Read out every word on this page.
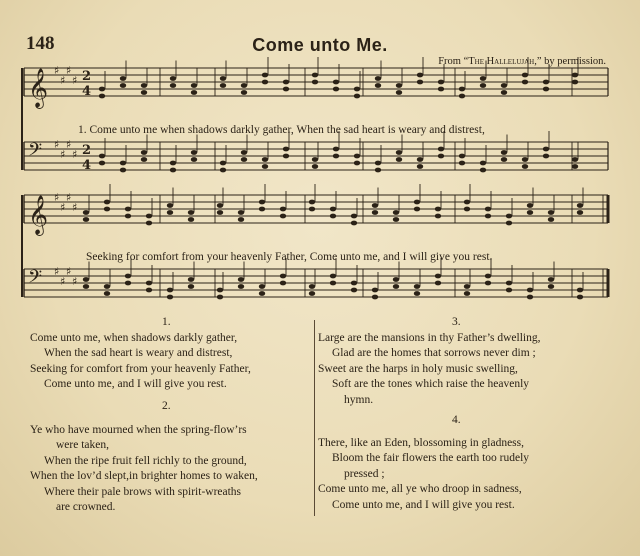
148	Come unto Me.
From “The Hallelujah,” by permission.
𝄞 ♯
♯
♯
♯ 2
4
𝄢 ♯
♯
♯
♯ 2
4
𝄞 ♯
♯
♯
♯
𝄢 ♯
♯
♯
♯
1. Come unto me when shadows darkly gather, When the sad heart is weary and distrest,
Seeking for comfort from your heavenly Father, Come unto me, and I will give you rest.
1.	3.
Come unto me, when shadows darkly gather,
When the sad heart is weary and distrest,
Seeking for comfort from your heavenly Father,
Come unto me, and I will give you rest.
2.
Ye who have mourned when the spring-flow’rs
were taken,
When the ripe fruit fell richly to the ground,
When the lov’d slept,in brighter homes to waken,
Where their pale brows with spirit-wreaths
are crowned.
Large are the mansions in thy Father’s dwelling,
Glad are the homes that sorrows never dim ;
Sweet are the harps in holy music swelling,
Soft are the tones which raise the heavenly
hymn.
4.
There, like an Eden, blossoming in gladness,
Bloom the fair flowers the earth too rudely
pressed ;
Come unto me, all ye who droop in sadness,
Come unto me, and I will give you rest.
